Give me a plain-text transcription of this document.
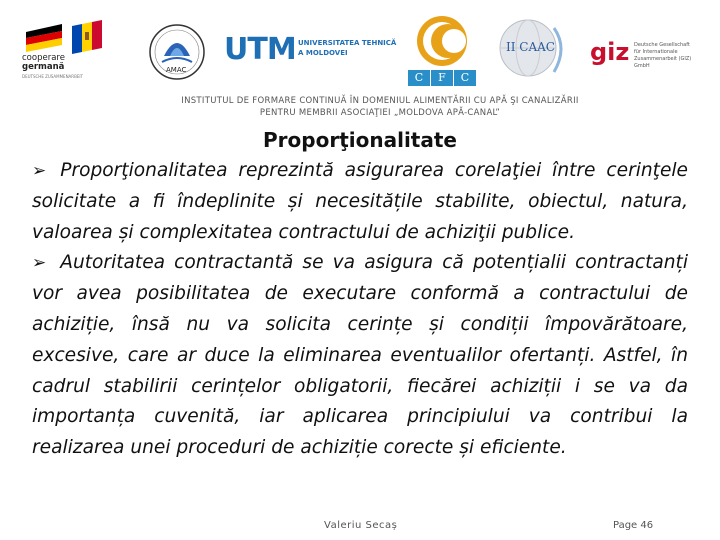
cooperare
germană
DEUTSCHE ZUSAMMENARBEIT
AMAC
UTM UNIVERSITATEA TEHNICĂ
A MOLDOVEI
C	F	C
II CAAC giz Deutsche Gesellschaft
für Internationale
Zusammenarbeit (GIZ) GmbH
INSTITUTUL DE FORMARE CONTINUĂ ÎN DOMENIUL ALIMENTĂRII CU APĂ ŞI CANALIZĂRII
PENTRU MEMBRII ASOCIAŢIEI „MOLDOVA APĂ-CANAL”
Proporţionalitate

➢ Proporţionalitatea reprezintă asigurarea corelaţiei între cerinţele solicitate a fi îndeplinite și necesitățile stabilite, obiectul, natura, valoarea și complexitatea contractului de achiziţii publice.

➢ Autoritatea contractantă se va asigura că potențialii contractanți vor avea posibilitatea de executare conformă a contractului de achiziție, însă nu va solicita cerințe și condiții împovărătoare, excesive, care ar duce la eliminarea eventualilor ofertanți. Astfel, în cadrul stabilirii cerințelor obligatorii, fiecărei achiziții i se va da importanța cuvenită, iar aplicarea principiului va contribui la realizarea unei proceduri de achiziție corecte și eficiente.

Valeriu Secaș	Page 46
